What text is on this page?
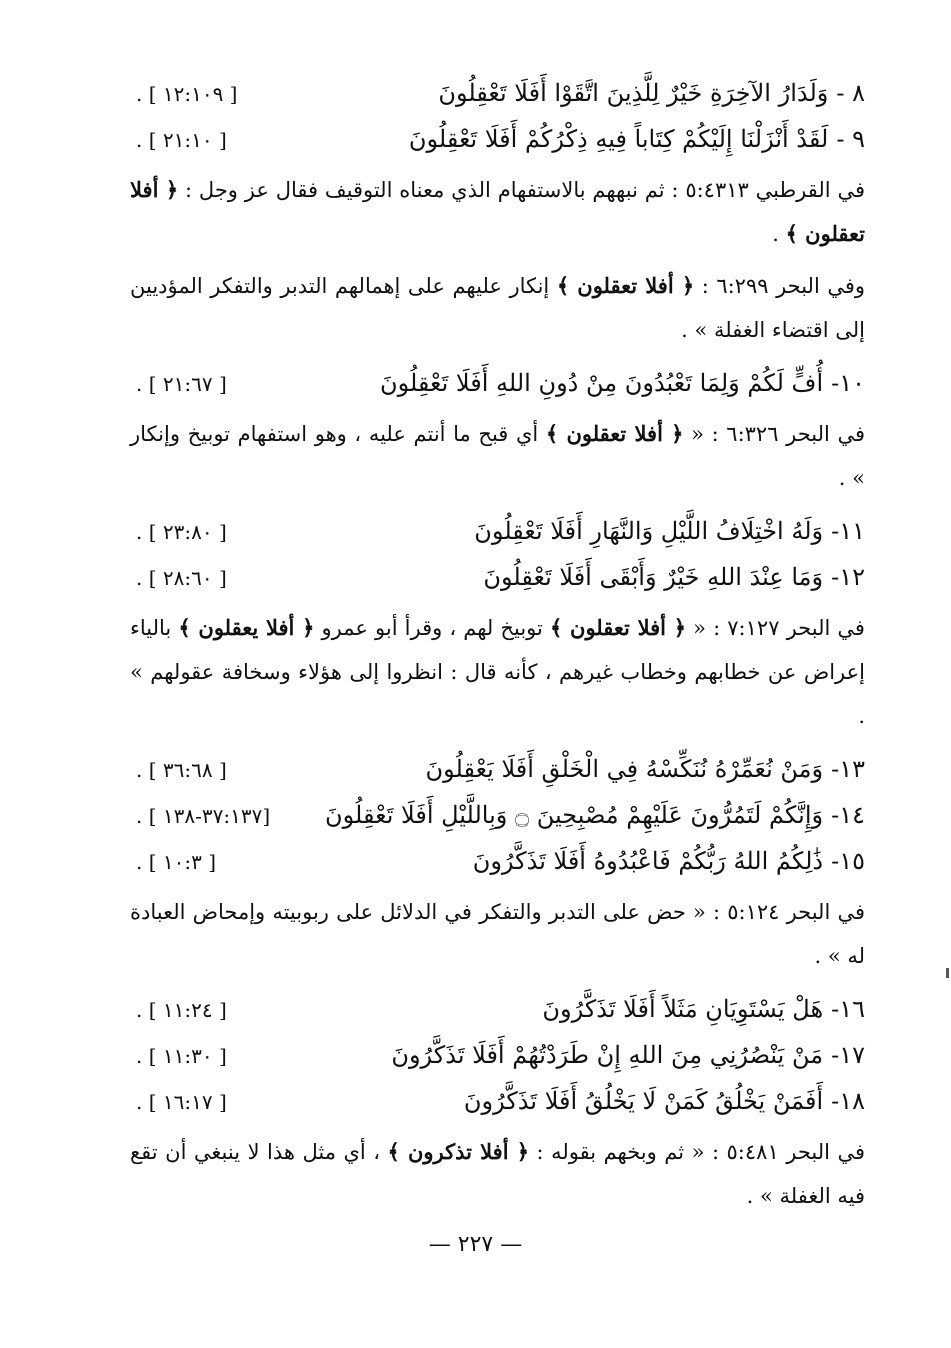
٨ -وَلَدَارُ الآخِرَةِ خَيْرٌ لِلَّذِينَ اتَّقَوْا أَفَلَا تَعْقِلُونَ
[ ١٢:١٠٩ ] .
٩ -لَقَدْ أَنْزَلْنَا إِلَيْكُمْ كِتَاباً فِيهِ ذِكْرُكُمْ أَفَلَا تَعْقِلُونَ
[ ٢١:١٠ ] .

في القرطبي ٥:٤٣١٣ : ثم نبههم بالاستفهام الذي معناه التوقيف فقال عز وجل : ﴿ أفلا تعقلون ﴾ .

وفي البحر ٦:٢٩٩ : ﴿ أفلا تعقلون ﴾ إنكار عليهم على إهمالهم التدبر والتفكر المؤديين إلى اقتضاء الغفلة » .

١٠-أُفٍّ لَكُمْ وَلِمَا تَعْبُدُونَ مِنْ دُونِ اللهِ أَفَلَا تَعْقِلُونَ
[ ٢١:٦٧ ] .

في البحر ٦:٣٢٦ : « ﴿ أفلا تعقلون ﴾ أي قبح ما أنتم عليه ، وهو استفهام توبيخ وإنكار » .

١١-وَلَهُ اخْتِلَافُ اللَّيْلِ وَالنَّهَارِ أَفَلَا تَعْقِلُونَ
[ ٢٣:٨٠ ] .
١٢-وَمَا عِنْدَ اللهِ خَيْرٌ وَأَبْقَى أَفَلَا تَعْقِلُونَ
[ ٢٨:٦٠ ] .

في البحر ٧:١٢٧ : « ﴿ أفلا تعقلون ﴾ توبيخ لهم ، وقرأ أبو عمرو ﴿ أفلا يعقلون ﴾ بالياء إعراض عن خطابهم وخطاب غيرهم ، كأنه قال : انظروا إلى هؤلاء وسخافة عقولهم » .

١٣-وَمَنْ نُعَمِّرْهُ نُنَكِّسْهُ فِي الْخَلْقِ أَفَلَا يَعْقِلُونَ
[ ٣٦:٦٨ ] .
١٤-وَإِنَّكُمْ لَتَمُرُّونَ عَلَيْهِمْ مُصْبِحِينَ ۝ وَبِاللَّيْلِ أَفَلَا تَعْقِلُونَ
[٣٧:١٣٧-١٣٨ ] .
١٥-ذَٰلِكُمُ اللهُ رَبُّكُمْ فَاعْبُدُوهُ أَفَلَا تَذَكَّرُونَ
[ ١٠:٣ ] .

في البحر ٥:١٢٤ : « حض على التدبر والتفكر في الدلائل على ربوبيته وإمحاض العبادة له » .

١٦-هَلْ يَسْتَوِيَانِ مَثَلاً أَفَلَا تَذَكَّرُونَ
[ ١١:٢٤ ] .
١٧-مَنْ يَنْصُرُنِي مِنَ اللهِ إِنْ طَرَدْتُهُمْ أَفَلَا تَذَكَّرُونَ
[ ١١:٣٠ ] .
١٨-أَفَمَنْ يَخْلُقُ كَمَنْ لَا يَخْلُقُ أَفَلَا تَذَكَّرُونَ
[ ١٦:١٧ ] .

في البحر ٥:٤٨١ : « ثم وبخهم بقوله : ﴿ أفلا تذكرون ﴾ ، أي مثل هذا لا ينبغي أن تقع فيه الغفلة » .

— ٢٢٧ —
